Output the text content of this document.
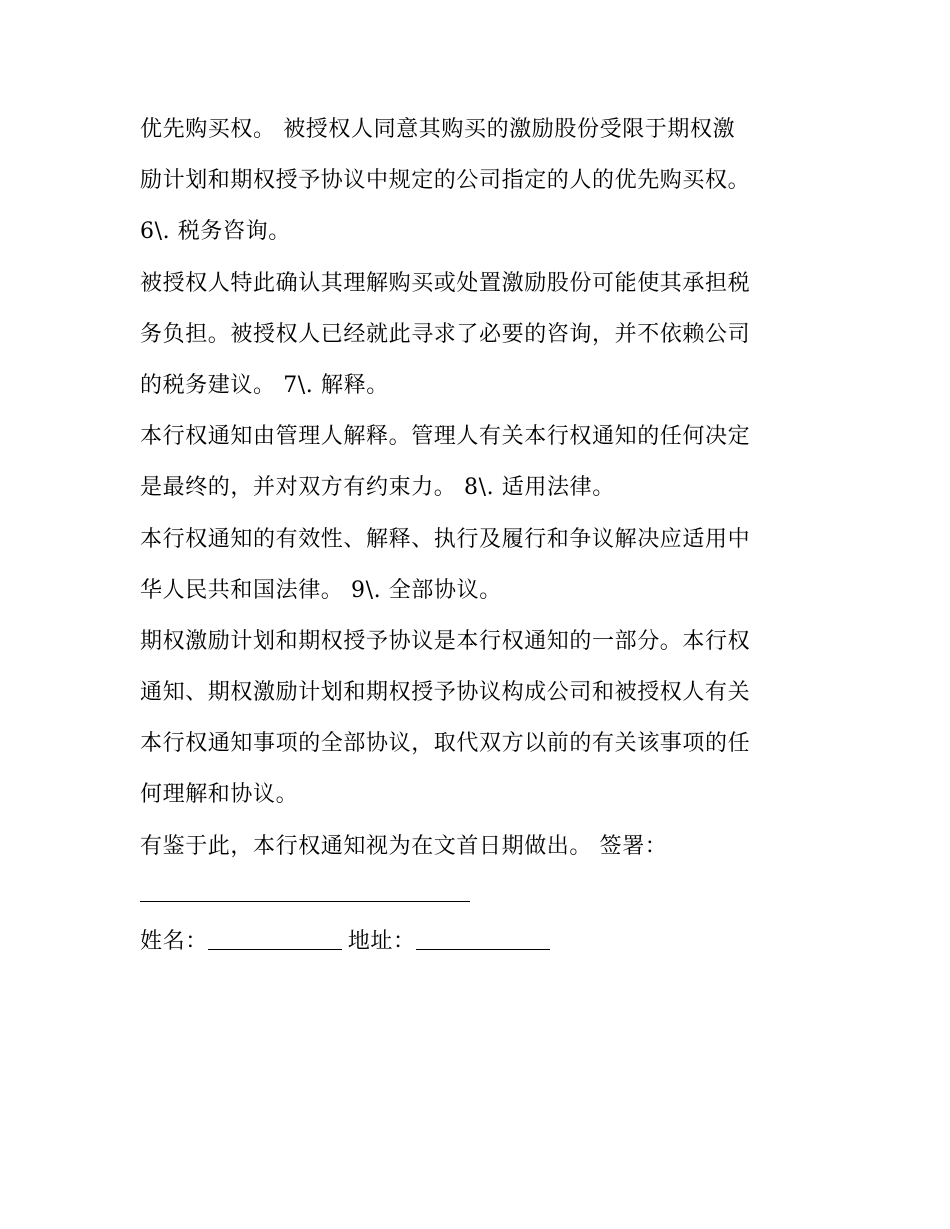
优先购买权。 被授权人同意其购买的激励股份受限于期权激
励计划和期权授予协议中规定的公司指定的人的优先购买权。
6\. 税务咨询。
被授权人特此确认其理解购买或处置激励股份可能使其承担税
务负担。被授权人已经就此寻求了必要的咨询，并不依赖公司
的税务建议。 7\. 解释。
本行权通知由管理人解释。管理人有关本行权通知的任何决定
是最终的，并对双方有约束力。 8\. 适用法律。
本行权通知的有效性、解释、执行及履行和争议解决应适用中
华人民共和国法律。 9\. 全部协议。
期权激励计划和期权授予协议是本行权通知的一部分。本行权
通知、期权激励计划和期权授予协议构成公司和被授权人有关
本行权通知事项的全部协议，取代双方以前的有关该事项的任
何理解和协议。
有鉴于此，本行权通知视为在文首日期做出。 签署：
姓名：	地址：
